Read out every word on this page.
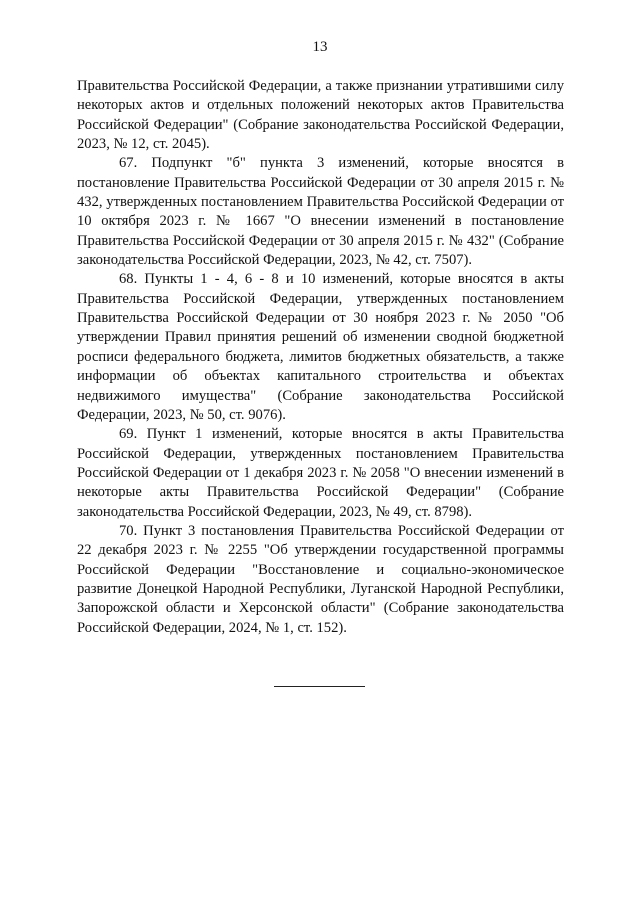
13

Правительства Российской Федерации, а также признании утратившими силу некоторых актов и отдельных положений некоторых актов Правительства Российской Федерации" (Собрание законодательства Российской Федерации, 2023, № 12, ст. 2045).

67. Подпункт "б" пункта 3 изменений, которые вносятся в постановление Правительства Российской Федерации от 30 апреля 2015 г. № 432, утвержденных постановлением Правительства Российской Федерации от 10 октября 2023 г. № 1667 "О внесении изменений в постановление Правительства Российской Федерации от 30 апреля 2015 г. № 432" (Собрание законодательства Российской Федерации, 2023, № 42, ст. 7507).

68. Пункты 1 - 4, 6 - 8 и 10 изменений, которые вносятся в акты Правительства Российской Федерации, утвержденных постановлением Правительства Российской Федерации от 30 ноября 2023 г. № 2050 "Об утверждении Правил принятия решений об изменении сводной бюджетной росписи федерального бюджета, лимитов бюджетных обязательств, а также информации об объектах капитального строительства и объектах недвижимого имущества" (Собрание законодательства Российской Федерации, 2023, № 50, ст. 9076).

69. Пункт 1 изменений, которые вносятся в акты Правительства Российской Федерации, утвержденных постановлением Правительства Российской Федерации от 1 декабря 2023 г. № 2058 "О внесении изменений в некоторые акты Правительства Российской Федерации" (Собрание законодательства Российской Федерации, 2023, № 49, ст. 8798).

70. Пункт 3 постановления Правительства Российской Федерации от 22 декабря 2023 г. № 2255 "Об утверждении государственной программы Российской Федерации "Восстановление и социально-экономическое развитие Донецкой Народной Республики, Луганской Народной Республики, Запорожской области и Херсонской области" (Собрание законодательства Российской Федерации, 2024, № 1, ст. 152).
